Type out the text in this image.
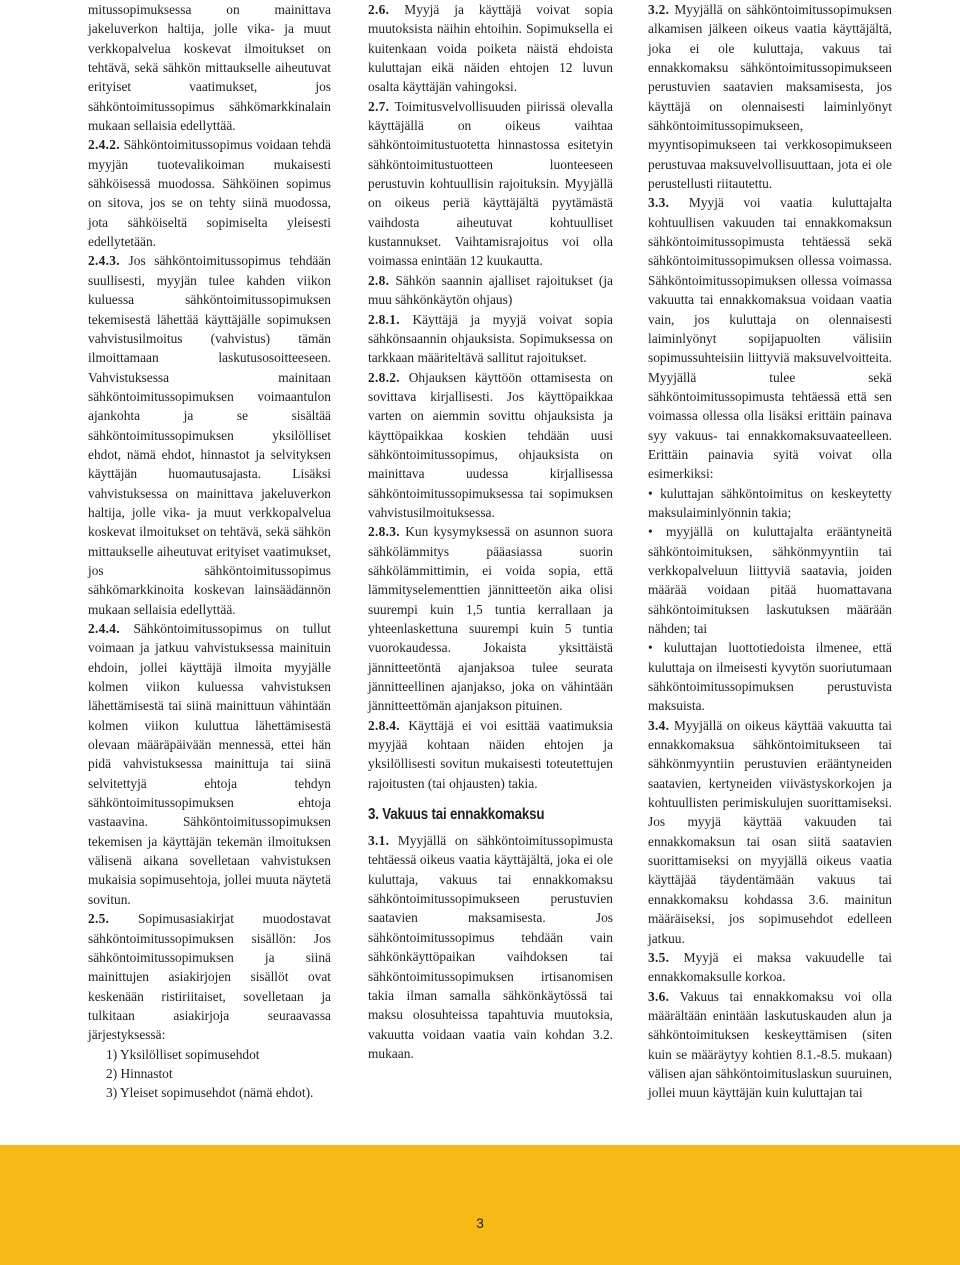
mitussopimuksessa on mainittava jakeluverkon haltija, jolle vika- ja muut verkkopalvelua koskevat ilmoitukset on tehtävä, sekä sähkön mittaukselle aiheutuvat erityiset vaatimukset, jos sähköntoimitussopimus sähkömarkkinalain mukaan sellaisia edellyttää.

2.4.2. Sähköntoimitussopimus voidaan tehdä myyjän tuotevalikoiman mukaisesti sähköisessä muodossa. Sähköinen sopimus on sitova, jos se on tehty siinä muodossa, jota sähköiseltä sopimiselta yleisesti edellytetään.

2.4.3. Jos sähköntoimitussopimus tehdään suullisesti, myyjän tulee kahden viikon kuluessa sähköntoimitussopimuksen tekemisestä lähettää käyttäjälle sopimuksen vahvistusilmoitus (vahvistus) tämän ilmoittamaan laskutusosoitteeseen. Vahvistuksessa mainitaan sähköntoimitussopimuksen voimaantulon ajankohta ja se sisältää sähköntoimitussopimuksen yksilölliset ehdot, nämä ehdot, hinnastot ja selvityksen käyttäjän huomautusajasta. Lisäksi vahvistuksessa on mainittava jakeluverkon haltija, jolle vika- ja muut verkkopalvelua koskevat ilmoitukset on tehtävä, sekä sähkön mittaukselle aiheutuvat erityiset vaatimukset, jos sähköntoimitussopimus sähkömarkkinoita koskevan lainsäädännön mukaan sellaisia edellyttää.

2.4.4. Sähköntoimitussopimus on tullut voimaan ja jatkuu vahvistuksessa mainituin ehdoin, jollei käyttäjä ilmoita myyjälle kolmen viikon kuluessa vahvistuksen lähettämisestä tai siinä mainittuun vähintään kolmen viikon kuluttua lähettämisestä olevaan määräpäivään mennessä, ettei hän pidä vahvistuksessa mainittuja tai siinä selvitettyjä ehtoja tehdyn sähköntoimitussopimuksen ehtoja vastaavina. Sähköntoimitussopimuksen tekemisen ja käyttäjän tekemän ilmoituksen välisenä aikana sovelletaan vahvistuksen mukaisia sopimusehtoja, jollei muuta näytetä sovitun.

2.5. Sopimusasiakirjat muodostavat sähköntoimitussopimuksen sisällön: Jos sähköntoimitussopimuksen ja siinä mainittujen asiakirjojen sisällöt ovat keskenään ristiriitaiset, sovelletaan ja tulkitaan asiakirjoja seuraavassa järjestyksessä:

1) Yksilölliset sopimusehdot
2) Hinnastot
3) Yleiset sopimusehdot (nämä ehdot).

2.6. Myyjä ja käyttäjä voivat sopia muutoksista näihin ehtoihin. Sopimuksella ei kuitenkaan voida poiketa näistä ehdoista kuluttajan eikä näiden ehtojen 12 luvun osalta käyttäjän vahingoksi.

2.7. Toimitusvelvollisuuden piirissä olevalla käyttäjällä on oikeus vaihtaa sähköntoimitustuotetta hinnastossa esitetyin sähköntoimitustuotteen luonteeseen perustuvin kohtuullisin rajoituksin. Myyjällä on oikeus periä käyttäjältä pyytämästä vaihdosta aiheutuvat kohtuulliset kustannukset. Vaihtamisrajoitus voi olla voimassa enintään 12 kuukautta.

2.8. Sähkön saannin ajalliset rajoitukset (ja muu sähkönkäytön ohjaus)

2.8.1. Käyttäjä ja myyjä voivat sopia sähkönsaannin ohjauksista. Sopimuksessa on tarkkaan määriteltävä sallitut rajoitukset.

2.8.2. Ohjauksen käyttöön ottamisesta on sovittava kirjallisesti. Jos käyttöpaikkaa varten on aiemmin sovittu ohjauksista ja käyttöpaikkaa koskien tehdään uusi sähköntoimitussopimus, ohjauksista on mainittava uudessa kirjallisessa sähköntoimitussopimuksessa tai sopimuksen vahvistusilmoituksessa.

2.8.3. Kun kysymyksessä on asunnon suora sähkölämmitys pääasiassa suorin sähkölämmittimin, ei voida sopia, että lämmityselementtien jännitteetön aika olisi suurempi kuin 1,5 tuntia kerrallaan ja yhteenlaskettuna suurempi kuin 5 tuntia vuorokaudessa. Jokaista yksittäistä jännitteetöntä ajanjaksoa tulee seurata jännitteellinen ajanjakso, joka on vähintään jännitteettömän ajanjakson pituinen.

2.8.4. Käyttäjä ei voi esittää vaatimuksia myyjää kohtaan näiden ehtojen ja yksilöllisesti sovitun mukaisesti toteutettujen rajoitusten (tai ohjausten) takia.

3. Vakuus tai ennakkomaksu

3.1. Myyjällä on sähköntoimitussopimusta tehtäessä oikeus vaatia käyttäjältä, joka ei ole kuluttaja, vakuus tai ennakkomaksu sähköntoimitussopimukseen perustuvien saatavien maksamisesta. Jos sähköntoimitussopimus tehdään vain sähkönkäyttöpaikan vaihdoksen tai sähköntoimitussopimuksen irtisanomisen takia ilman samalla sähkönkäytössä tai maksu olosuhteissa tapahtuvia muutoksia, vakuutta voidaan vaatia vain kohdan 3.2. mukaan.

3.2. Myyjällä on sähköntoimitussopimuksen alkamisen jälkeen oikeus vaatia käyttäjältä, joka ei ole kuluttaja, vakuus tai ennakkomaksu sähköntoimitussopimukseen perustuvien saatavien maksamisesta, jos käyttäjä on olennaisesti laiminlyönyt sähköntoimitussopimukseen, myyntisopimukseen tai verkkosopimukseen perustuvaa maksuvelvollisuuttaan, jota ei ole perustellusti riitautettu.

3.3. Myyjä voi vaatia kuluttajalta kohtuullisen vakuuden tai ennakkomaksun sähköntoimitussopimusta tehtäessä sekä sähköntoimitussopimuksen ollessa voimassa. Sähköntoimitussopimuksen ollessa voimassa vakuutta tai ennakkomaksua voidaan vaatia vain, jos kuluttaja on olennaisesti laiminlyönyt sopijapuolten välisiin sopimussuhteisiin liittyviä maksuvelvoitteita. Myyjällä tulee sekä sähköntoimitussopimusta tehtäessä että sen voimassa ollessa olla lisäksi erittäin painava syy vakuus- tai ennakkomaksuvaateelleen. Erittäin painavia syitä voivat olla esimerkiksi:

• kuluttajan sähköntoimitus on keskeytetty maksulaiminlyönnin takia;
• myyjällä on kuluttajalta erääntyneitä sähköntoimituksen, sähkönmyyntiin tai verkkopalveluun liittyviä saatavia, joiden määrää voidaan pitää huomattavana sähköntoimituksen laskutuksen määrään nähden; tai
• kuluttajan luottotiedoista ilmenee, että kuluttaja on ilmeisesti kyvytön suoriutumaan sähköntoimitussopimuksen perustuvista maksuista.

3.4. Myyjällä on oikeus käyttää vakuutta tai ennakkomaksua sähköntoimitukseen tai sähkönmyyntiin perustuvien erääntyneiden saatavien, kertyneiden viivästyskorkojen ja kohtuullisten perimiskulujen suorittamiseksi. Jos myyjä käyttää vakuuden tai ennakkomaksun tai osan siitä saatavien suorittamiseksi on myyjällä oikeus vaatia käyttäjää täydentämään vakuus tai ennakkomaksu kohdassa 3.6. mainitun määräiseksi, jos sopimusehdot edelleen jatkuu.

3.5. Myyjä ei maksa vakuudelle tai ennakkomaksulle korkoa.

3.6. Vakuus tai ennakkomaksu voi olla määrältään enintään laskutuskauden alun ja sähköntoimituksen keskeyttämisen (siten kuin se määräytyy kohtien 8.1.-8.5. mukaan) välisen ajan sähköntoimituslaskun suuruinen, jollei muun käyttäjän kuin kuluttajan tai

3
